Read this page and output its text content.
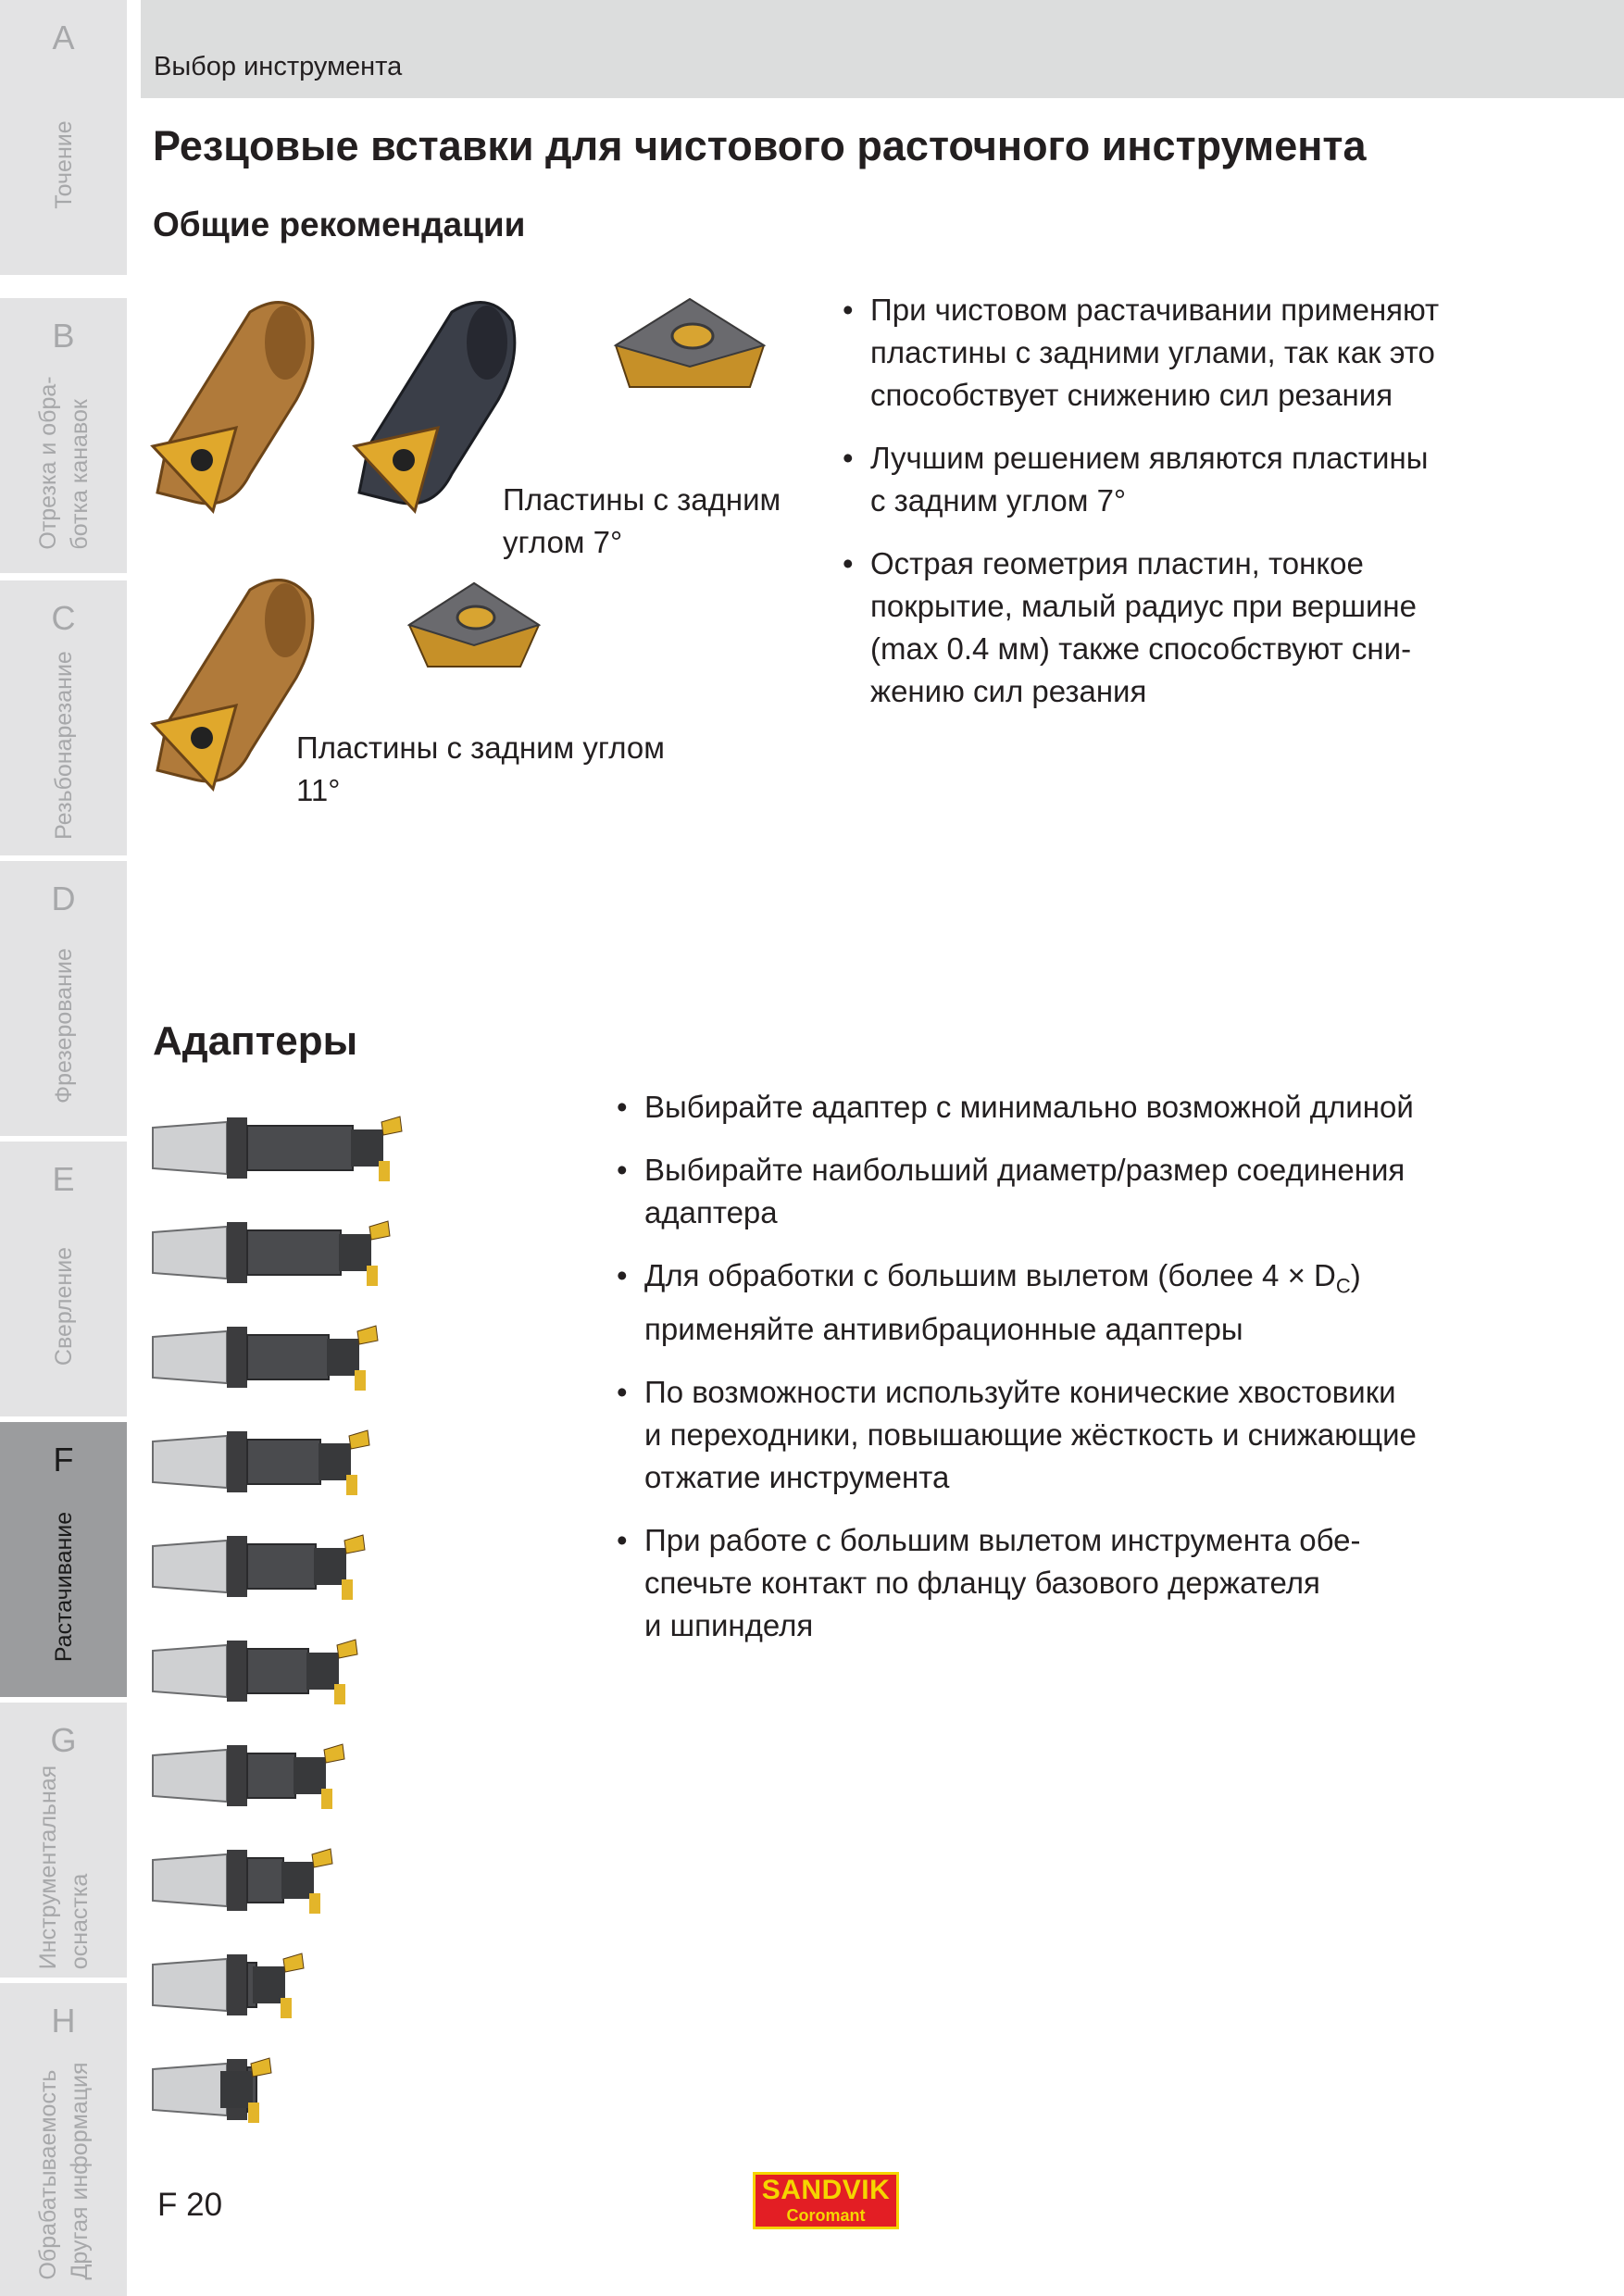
A
Точение
B
Отрезка и обра- ботка канавок
C
Резьбонарезание
D
Фрезерование
E
Сверление
F
Растачивание
G
Инструментальная оснастка
H
Обрабатываемость Другая информация
Выбор инструмента
Резцовые вставки для чистового расточного инструмента
Общие рекомендации
Пластины с задним
углом 7°
Пластины с задним углом
11°
• При чистовом растачивании применяют
пластины с задними углами, так как это
способствует снижению сил резания
• Лучшим решением являются пластины
с задним углом 7°
• Острая геометрия пластин, тонкое
покрытие, малый радиус при вершине
(max 0.4 мм) также способствуют сни-
жению сил резания
Адаптеры
• Выбирайте адаптер с минимально возможной длиной
• Выбирайте наибольший диаметр/размер соединения
адаптера
• Для обработки с большим вылетом (более $4 \times D_C$)
применяйте антивибрационные адаптеры
• По возможности используйте конические хвостовики
и переходники, повышающие жёсткость и снижающие
отжатие инструмента
• При работе с большим вылетом инструмента обе-
спечьте контакт по фланцу базового держателя
и шпинделя
F 20	SANDVIK
Coromant
